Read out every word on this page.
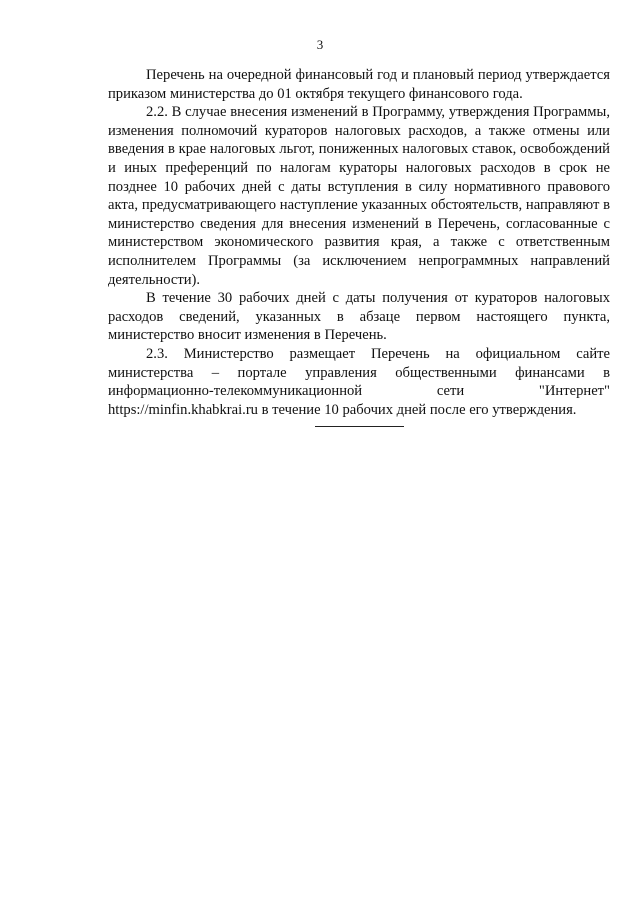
3

Перечень на очередной финансовый год и плановый период утверждается приказом министерства до 01 октября текущего финансового года.

2.2. В случае внесения изменений в Программу, утверждения Программы, изменения полномочий кураторов налоговых расходов, а также отмены или введения в крае налоговых льгот, пониженных налоговых ставок, освобождений и иных преференций по налогам кураторы налоговых расходов в срок не позднее 10 рабочих дней с даты вступления в силу нормативного правового акта, предусматривающего наступление указанных обстоятельств, направляют в министерство сведения для внесения изменений в Перечень, согласованные с министерством экономического развития края, а также с ответственным исполнителем Программы (за исключением непрограммных направлений деятельности).

В течение 30 рабочих дней с даты получения от кураторов налоговых расходов сведений, указанных в абзаце первом настоящего пункта, министерство вносит изменения в Перечень.

2.3. Министерство размещает Перечень на официальном сайте министерства – портале управления общественными финансами в информационно-телекоммуникационной сети "Интернет" https://minfin.khabkrai.ru в течение 10 рабочих дней после его утверждения.
